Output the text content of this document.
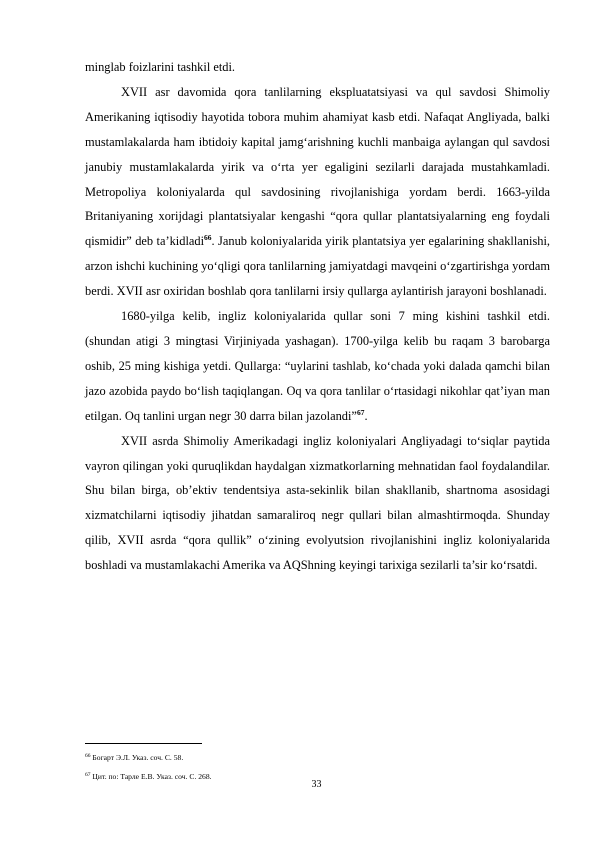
minglab foizlarini tashkil etdi.

XVII asr davomida qora tanlilarning ekspluatatsiyasi va qul savdosi Shimoliy Amerikaning iqtisodiy hayotida tobora muhim ahamiyat kasb etdi. Nafaqat Angliyada, balki mustamlakalarda ham ibtidoiy kapital jamg‘arishning kuchli manbaiga aylangan qul savdosi janubiy mustamlakalarda yirik va o‘rta yer egaligini sezilarli darajada mustahkamladi. Metropoliya koloniyalarda qul savdosining rivojlanishiga yordam berdi. 1663-yilda Britaniyaning xorijdagi plantatsiyalar kengashi “qora qullar plantatsiyalarning eng foydali qismidir” deb ta’kidladi$^{66}$. Janub koloniyalarida yirik plantatsiya yer egalarining shakllanishi, arzon ishchi kuchining yo‘qligi qora tanlilarning jamiyatdagi mavqeini o‘zgartirishga yordam berdi. XVII asr oxiridan boshlab qora tanlilarni irsiy qullarga aylantirish jarayoni boshlanadi.

1680-yilga kelib, ingliz koloniyalarida qullar soni 7 ming kishini tashkil etdi. (shundan atigi 3 mingtasi Virjiniyada yashagan). 1700-yilga kelib bu raqam 3 barobarga oshib, 25 ming kishiga yetdi. Qullarga: “uylarini tashlab, ko‘chada yoki dalada qamchi bilan jazo azobida paydo bo‘lish taqiqlangan. Oq va qora tanlilar o‘rtasidagi nikohlar qat’iyan man etilgan. Oq tanlini urgan negr 30 darra bilan jazolandi”$^{67}$.

XVII asrda Shimoliy Amerikadagi ingliz koloniyalari Angliyadagi to‘siqlar paytida vayron qilingan yoki quruqlikdan haydalgan xizmatkorlarning mehnatidan faol foydalandilar. Shu bilan birga, ob’ektiv tendentsiya asta-sekinlik bilan shakllanib, shartnoma asosidagi xizmatchilarni iqtisodiy jihatdan samaraliroq negr qullari bilan almashtirmoqda. Shunday qilib, XVII asrda “qora qullik” o‘zining evolyutsion rivojlanishini ingliz koloniyalarida boshladi va mustamlakachi Amerika va AQShning keyingi tarixiga sezilarli ta’sir ko‘rsatdi.

$^{66}$ Богарт Э.Л. Указ. соч. С. 58.

$^{67}$ Цит. по: Тарле Е.В. Указ. соч. С. 268.

33
